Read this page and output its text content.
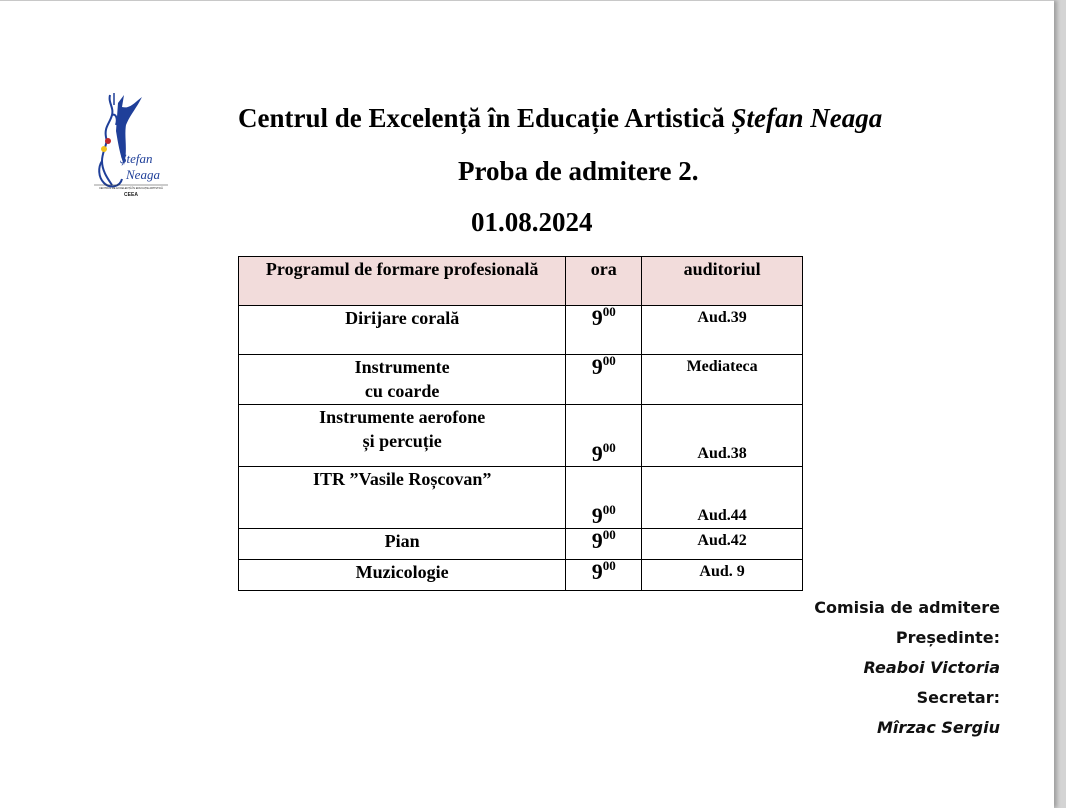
Ștefan
Neaga
CENTRUL DE EXCELENȚĂ ÎN EDUCAȚIE ARTISTICĂ
CEEA
Centrul de Excelență în Educație Artistică Ștefan Neaga
Proba de admitere 2.
01.08.2024
Programul de formare profesională	ora	auditoriul
Dirijare corală	$9^{00}$	Aud.39

Instrumente
cu coarde	$9^{00}$	Mediateca

Instrumente aerofone
și percuție	$9^{00}$	Aud.38
ITR ”Vasile Roșcovan”	$9^{00}$	Aud.44
Pian	$9^{00}$	Aud.42
Muzicologie	$9^{00}$	Aud. 9
Comisia de admitere
Președinte:
Reaboi Victoria
Secretar:
Mîrzac Sergiu
